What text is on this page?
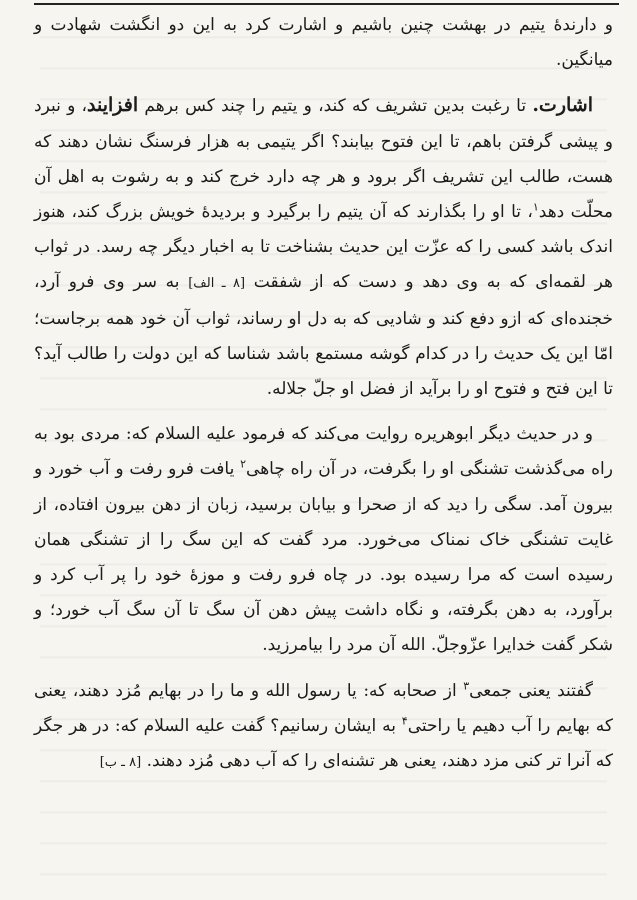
و دارندۀ یتیم در بهشت چنین باشیم و اشارت کرد به این دو انگشت شهادت و میانگین.

اشارت. تا رغبت بدین تشریف که کند، و یتیم را چند کس برهم افزایند، و نبرد و پیشی گرفتن باهم، تا این فتوح بیابند؟ اگر یتیمی به هزار فرسنگ نشان دهند که هست، طالب این تشریف اگر برود و هر چه دارد خرج کند و به رشوت به اهل آن محلّت دهد$^۱$، تا او را بگذارند که آن یتیم را برگیرد و بردیدهٔ خویش بزرگ کند، هنوز اندک باشد کسی را که عزّت این حدیث بشناخت تا به اخبار دیگر چه رسد. در ثواب هر لقمه‌ای که به وی دهد و دست که از شفقت [۸ ـ الف] به سر وی فرو آرد، خجنده‌ای که ازو دفع کند و شادیی که به دل او رساند، ثواب آن خود همه برجاست؛ امّا این یک حدیث را در کدام گوشه مستمع باشد شناسا که این دولت را طالب آید؟ تا این فتح و فتوح او را برآید از فضل او جلّ جلاله.

و در حدیث دیگر ابوهریره روایت می‌کند که فرمود علیه السلام که: مردی بود به راه می‌گذشت تشنگی او را بگرفت، در آن راه چاهی$^۲$ یافت فرو رفت و آب خورد و بیرون آمد. سگی را دید که از صحرا و بیابان برسید، زبان از دهن بیرون افتاده، از غایت تشنگی خاک نمناک می‌خورد. مرد گفت که این سگ را از تشنگی همان رسیده است که مرا رسیده بود. در چاه فرو رفت و موزهٔ خود را پر آب کرد و برآورد، به دهن بگرفته، و نگاه داشت پیش دهن آن سگ تا آن سگ آب خورد؛ و شکر گفت خدایرا عزّوجلّ. الله آن مرد را بیامرزید.

گفتند یعنی جمعی$^۳$ از صحابه که: یا رسول الله و ما را در بهایم مُزد دهند، یعنی که بهایم را آب دهیم یا راحتی$^۴$ به ایشان رسانیم؟ گفت علیه السلام که: در هر جگر که آنرا تر کنی مزد دهند، یعنی هر تشنه‌ای را که آب دهی مُزد دهند. [۸ ـ ب]
